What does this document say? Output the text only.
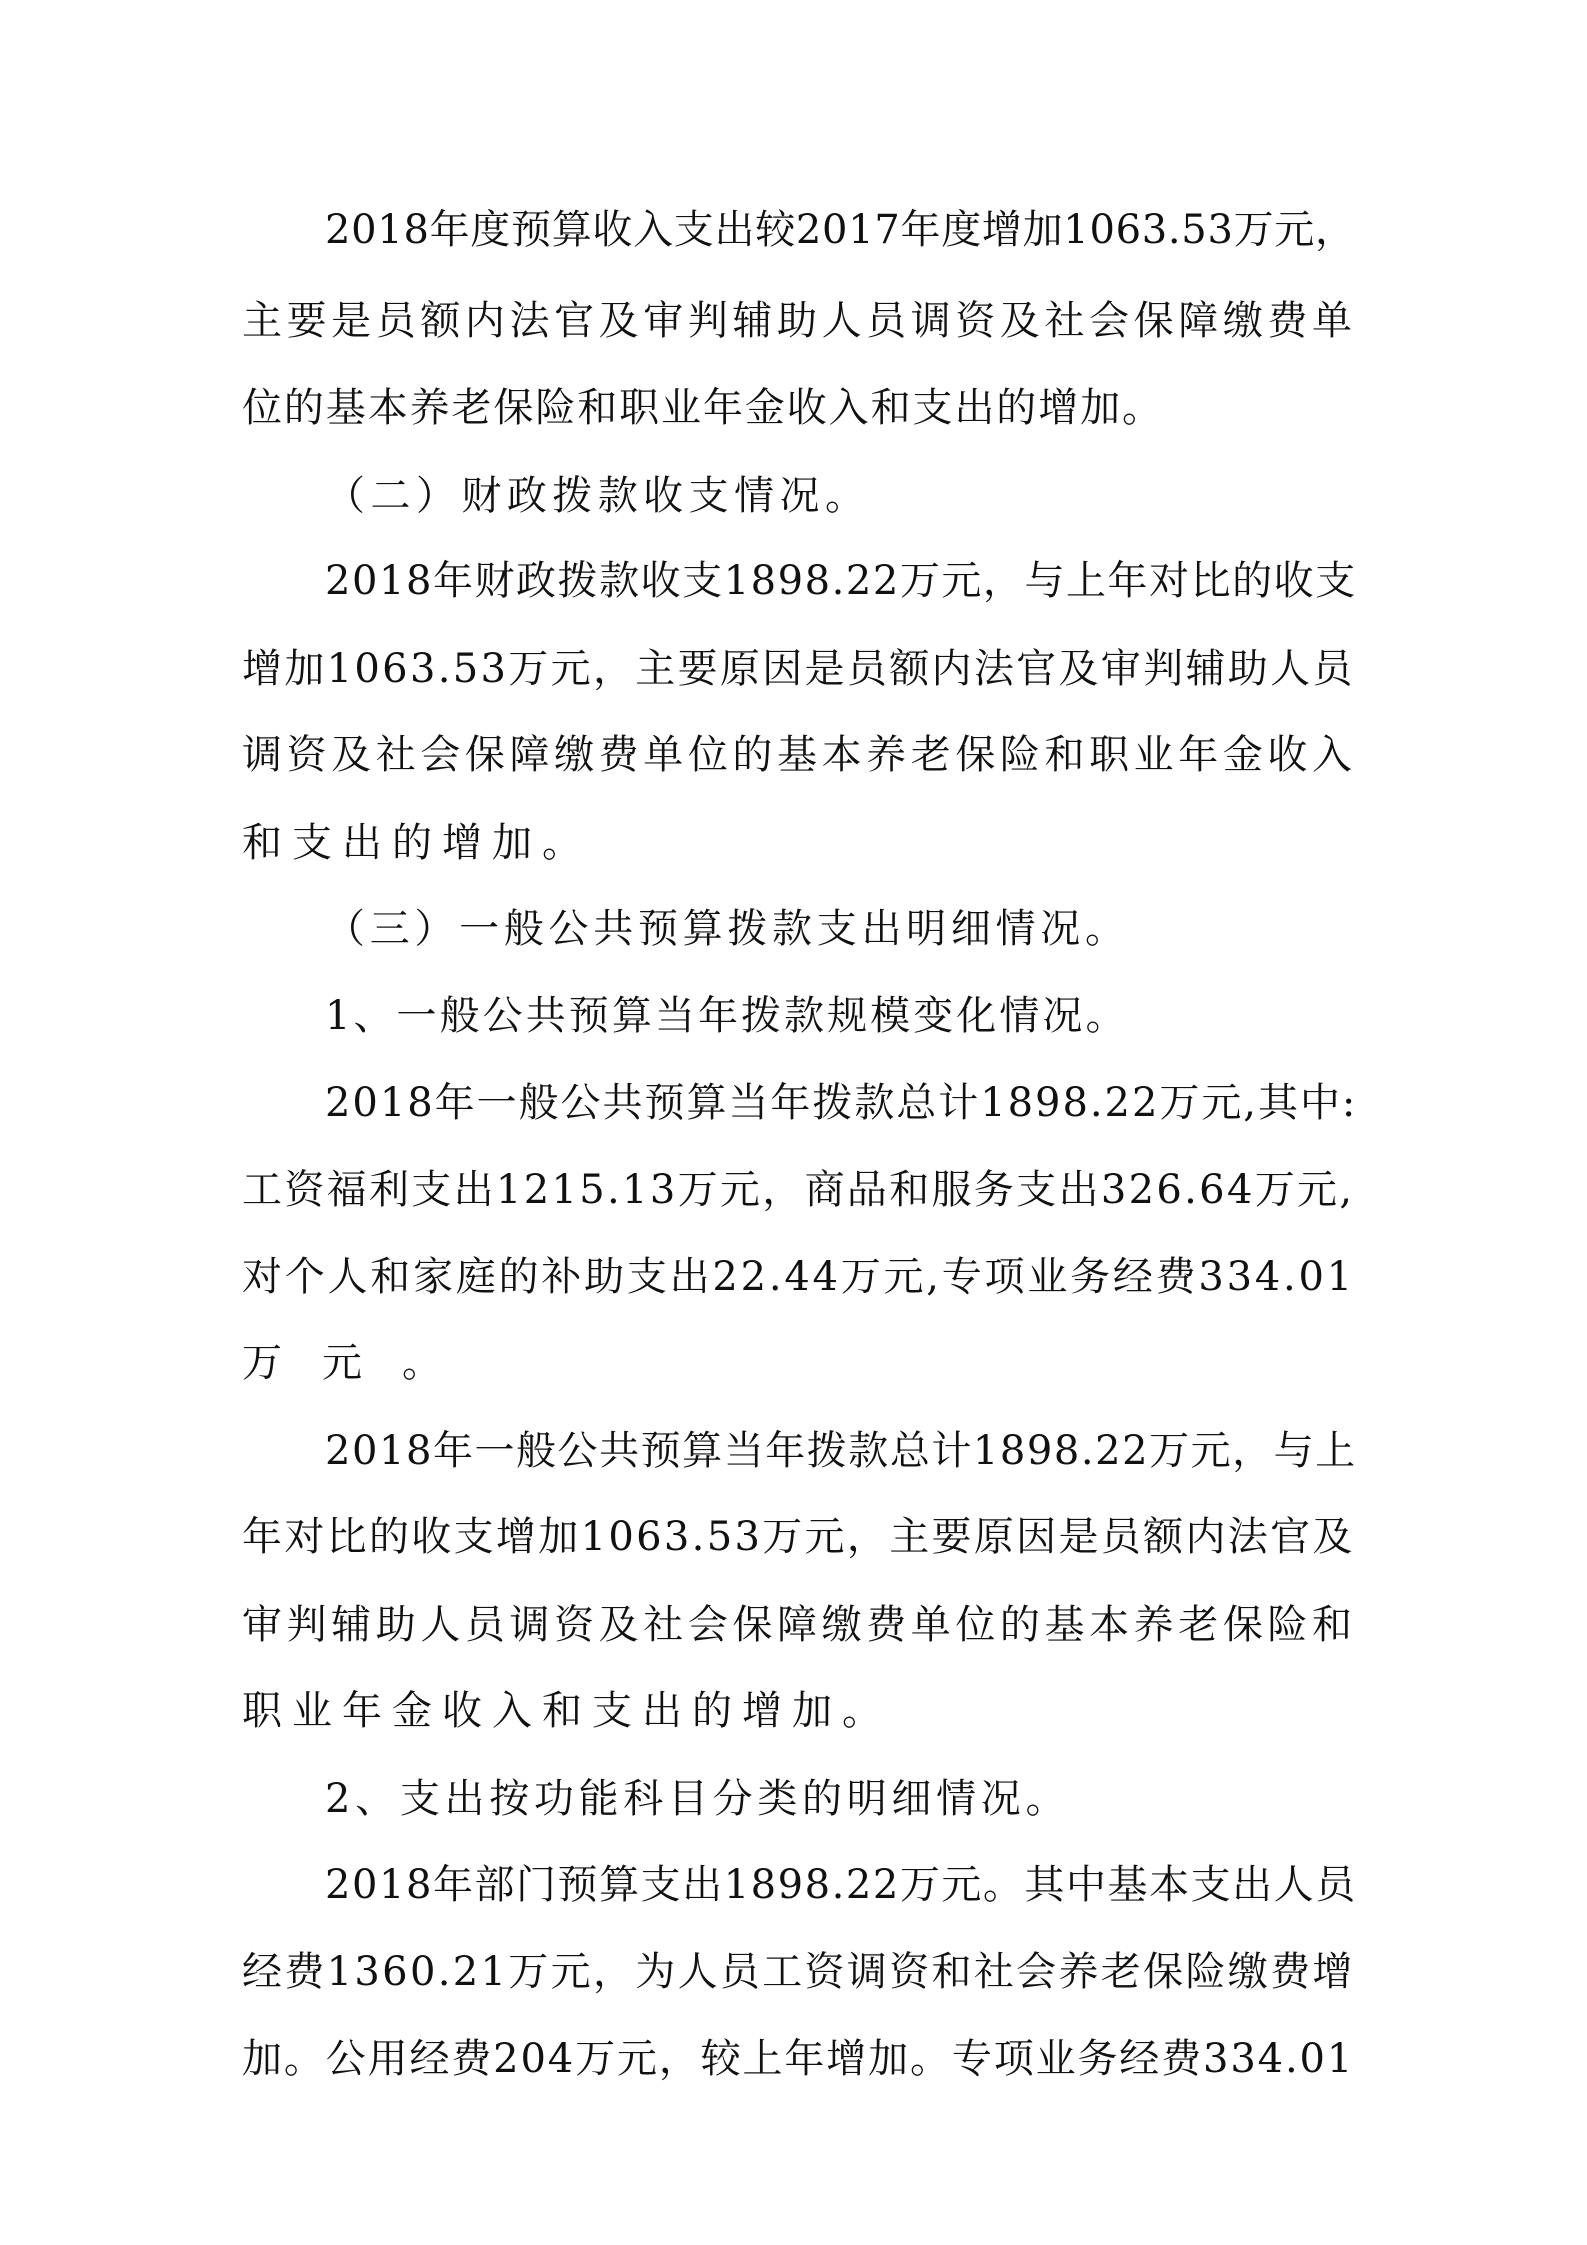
2018年度预算收入支出较2017年度增加1063.53万元，
主要是员额内法官及审判辅助人员调资及社会保障缴费单
位的基本养老保险和职业年金收入和支出的增加。
（二）财政拨款收支情况。
2018年财政拨款收支1898.22万元，与上年对比的收支
增加1063.53万元，主要原因是员额内法官及审判辅助人员
调资及社会保障缴费单位的基本养老保险和职业年金收入
和支出的增加。
（三）一般公共预算拨款支出明细情况。
1、一般公共预算当年拨款规模变化情况。
2018年一般公共预算当年拨款总计1898.22万元,其中:
工资福利支出1215.13万元，商品和服务支出326.64万元,
对个人和家庭的补助支出22.44万元,专项业务经费334.01
万元。
2018年一般公共预算当年拨款总计1898.22万元，与上
年对比的收支增加1063.53万元，主要原因是员额内法官及
审判辅助人员调资及社会保障缴费单位的基本养老保险和
职业年金收入和支出的增加。
2、支出按功能科目分类的明细情况。
2018年部门预算支出1898.22万元。其中基本支出人员
经费1360.21万元，为人员工资调资和社会养老保险缴费增
加。公用经费204万元，较上年增加。专项业务经费334.01
